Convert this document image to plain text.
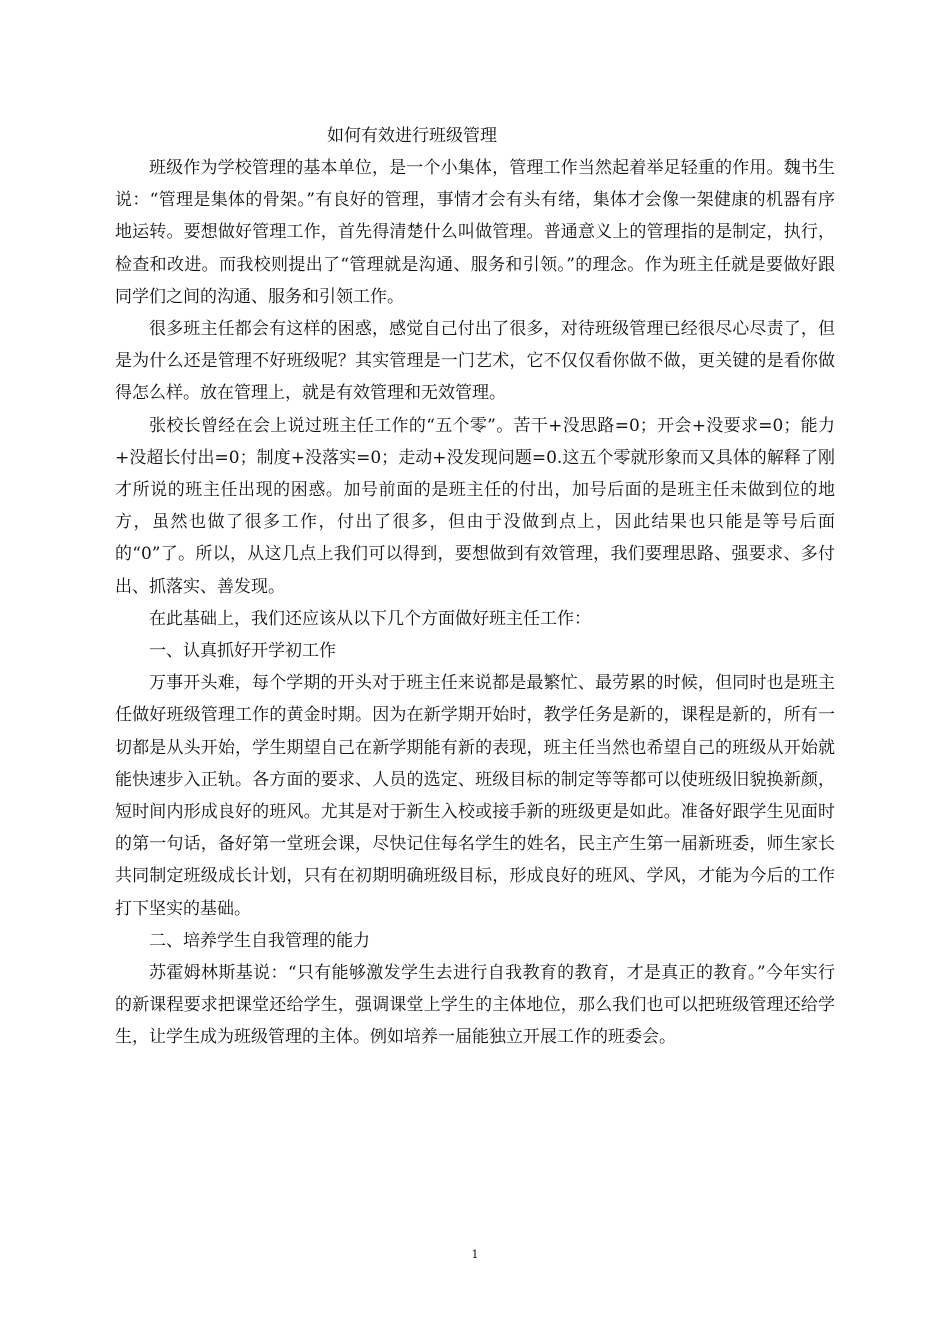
如何有效进行班级管理

班级作为学校管理的基本单位，是一个小集体，管理工作当然起着举足轻重的作用。魏书生说：“管理是集体的骨架。”有良好的管理，事情才会有头有绪，集体才会像一架健康的机器有序地运转。要想做好管理工作，首先得清楚什么叫做管理。普通意义上的管理指的是制定，执行，检查和改进。而我校则提出了“管理就是沟通、服务和引领。”的理念。作为班主任就是要做好跟同学们之间的沟通、服务和引领工作。

很多班主任都会有这样的困惑，感觉自己付出了很多，对待班级管理已经很尽心尽责了，但是为什么还是管理不好班级呢？其实管理是一门艺术，它不仅仅看你做不做，更关键的是看你做得怎么样。放在管理上，就是有效管理和无效管理。

张校长曾经在会上说过班主任工作的“五个零”。苦干+没思路=0；开会+没要求=0；能力+没超长付出=0；制度+没落实=0；走动+没发现问题=0.这五个零就形象而又具体的解释了刚才所说的班主任出现的困惑。加号前面的是班主任的付出，加号后面的是班主任未做到位的地方，虽然也做了很多工作，付出了很多，但由于没做到点上，因此结果也只能是等号后面的“0”了。所以，从这几点上我们可以得到，要想做到有效管理，我们要理思路、强要求、多付出、抓落实、善发现。

在此基础上，我们还应该从以下几个方面做好班主任工作：

一、认真抓好开学初工作

万事开头难，每个学期的开头对于班主任来说都是最繁忙、最劳累的时候，但同时也是班主任做好班级管理工作的黄金时期。因为在新学期开始时，教学任务是新的，课程是新的，所有一切都是从头开始，学生期望自己在新学期能有新的表现，班主任当然也希望自己的班级从开始就能快速步入正轨。各方面的要求、人员的选定、班级目标的制定等等都可以使班级旧貌换新颜，短时间内形成良好的班风。尤其是对于新生入校或接手新的班级更是如此。准备好跟学生见面时的第一句话，备好第一堂班会课，尽快记住每名学生的姓名，民主产生第一届新班委，师生家长共同制定班级成长计划，只有在初期明确班级目标，形成良好的班风、学风，才能为今后的工作打下坚实的基础。

二、培养学生自我管理的能力

苏霍姆林斯基说：“只有能够激发学生去进行自我教育的教育，才是真正的教育。”今年实行的新课程要求把课堂还给学生，强调课堂上学生的主体地位，那么我们也可以把班级管理还给学生，让学生成为班级管理的主体。例如培养一届能独立开展工作的班委会。

1
